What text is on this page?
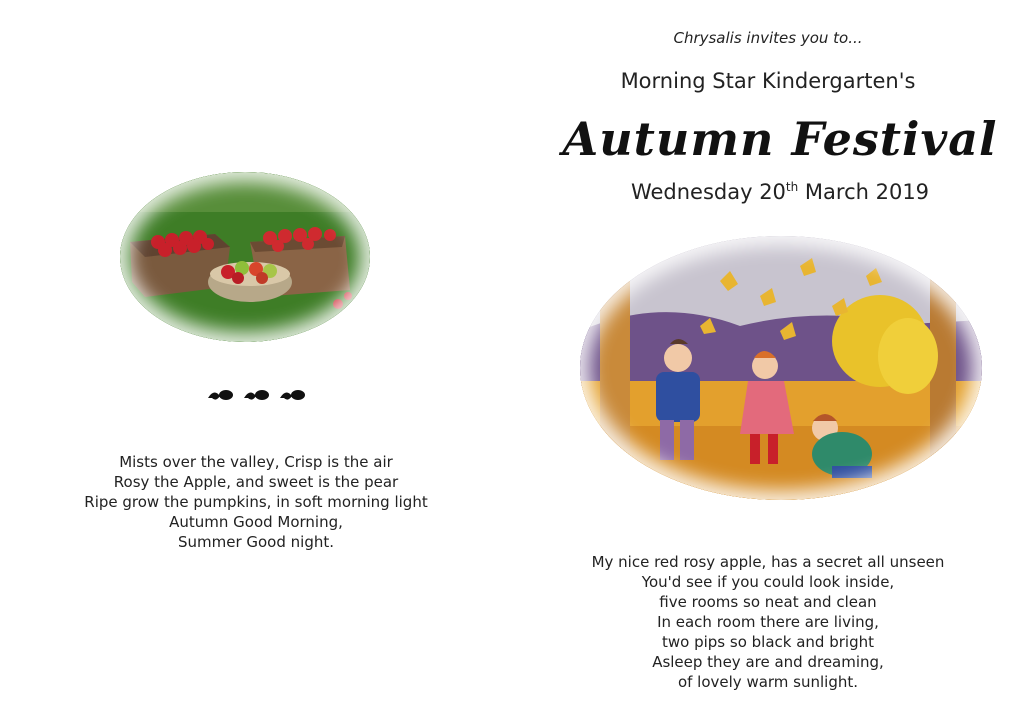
Mists over the valley, Crisp is the air
Rosy the Apple, and sweet is the pear
Ripe grow the pumpkins, in soft morning light
Autumn Good Morning,
Summer Good night.
Chrysalis invites you to...
Morning Star Kindergarten's
Autumn Festival
Wednesday 20th March 2019
My nice red rosy apple, has a secret all unseen
You'd see if you could look inside,
five rooms so neat and clean
In each room there are living,
two pips so black and bright
Asleep they are and dreaming,
of lovely warm sunlight.
